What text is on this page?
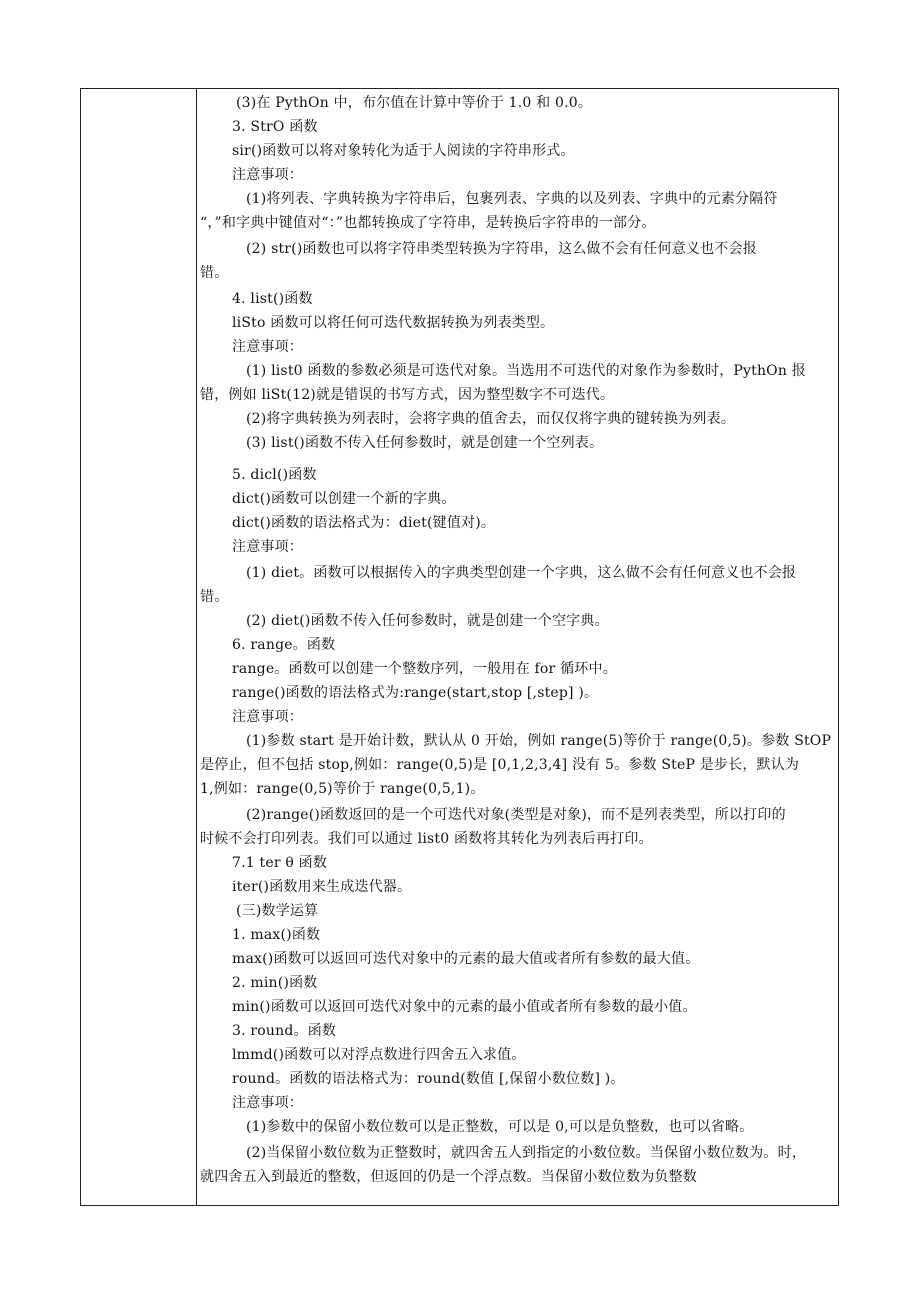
(3)在 PythOn 中，布尔值在计算中等价于 1.0 和 0.0。
3. StrO 函数
sir()函数可以将对象转化为适于人阅读的字符串形式。
注意事项：
(1)将列表、字典转换为字符串后，包裹列表、字典的以及列表、字典中的元素分隔符
“，”和字典中键值对“：”也都转换成了字符串，是转换后字符串的一部分。
(2) str()函数也可以将字符串类型转换为字符串，这么做不会有任何意义也不会报
错。
4. list()函数
liSto 函数可以将任何可迭代数据转换为列表类型。
注意事项：
(1) list0 函数的参数必须是可迭代对象。当选用不可迭代的对象作为参数时，PythOn 报
错，例如 liSt(12)就是错误的书写方式，因为整型数字不可迭代。
(2)将字典转换为列表时，会将字典的值舍去，而仅仅将字典的键转换为列表。
(3) list()函数不传入任何参数时，就是创建一个空列表。
5. dicl()函数
dict()函数可以创建一个新的字典。
dict()函数的语法格式为：diet(键值对)。
注意事项：
(1) diet。函数可以根据传入的字典类型创建一个字典，这么做不会有任何意义也不会报
错。
(2) diet()函数不传入任何参数时，就是创建一个空字典。
6. range。函数
range。函数可以创建一个整数序列，一般用在 for 循环中。
range()函数的语法格式为:range(start,stop [,step] )。
注意事项：
(1)参数 start 是开始计数，默认从 0 开始，例如 range(5)等价于 range(0,5)。参数 StOP
是停止，但不包括 stop,例如：range(0,5)是 [0,1,2,3,4] 没有 5。参数 SteP 是步长，默认为
1,例如：range(0,5)等价于 range(0,5,1)。
(2)range()函数返回的是一个可迭代对象(类型是对象)，而不是列表类型，所以打印的
时候不会打印列表。我们可以通过 list0 函数将其转化为列表后再打印。
7.1 ter θ 函数
iter()函数用来生成迭代器。
(三)数学运算
1. max()函数
max()函数可以返回可迭代对象中的元素的最大值或者所有参数的最大值。
2. min()函数
min()函数可以返回可迭代对象中的元素的最小值或者所有参数的最小值。
3. round。函数
lmmd()函数可以对浮点数进行四舍五入求值。
round。函数的语法格式为：round(数值 [,保留小数位数] )。
注意事项：
(1)参数中的保留小数位数可以是正整数，可以是 0,可以是负整数，也可以省略。
(2)当保留小数位数为正整数时，就四舍五人到指定的小数位数。当保留小数位数为。时，
就四舍五入到最近的整数，但返回的仍是一个浮点数。当保留小数位数为负整数
